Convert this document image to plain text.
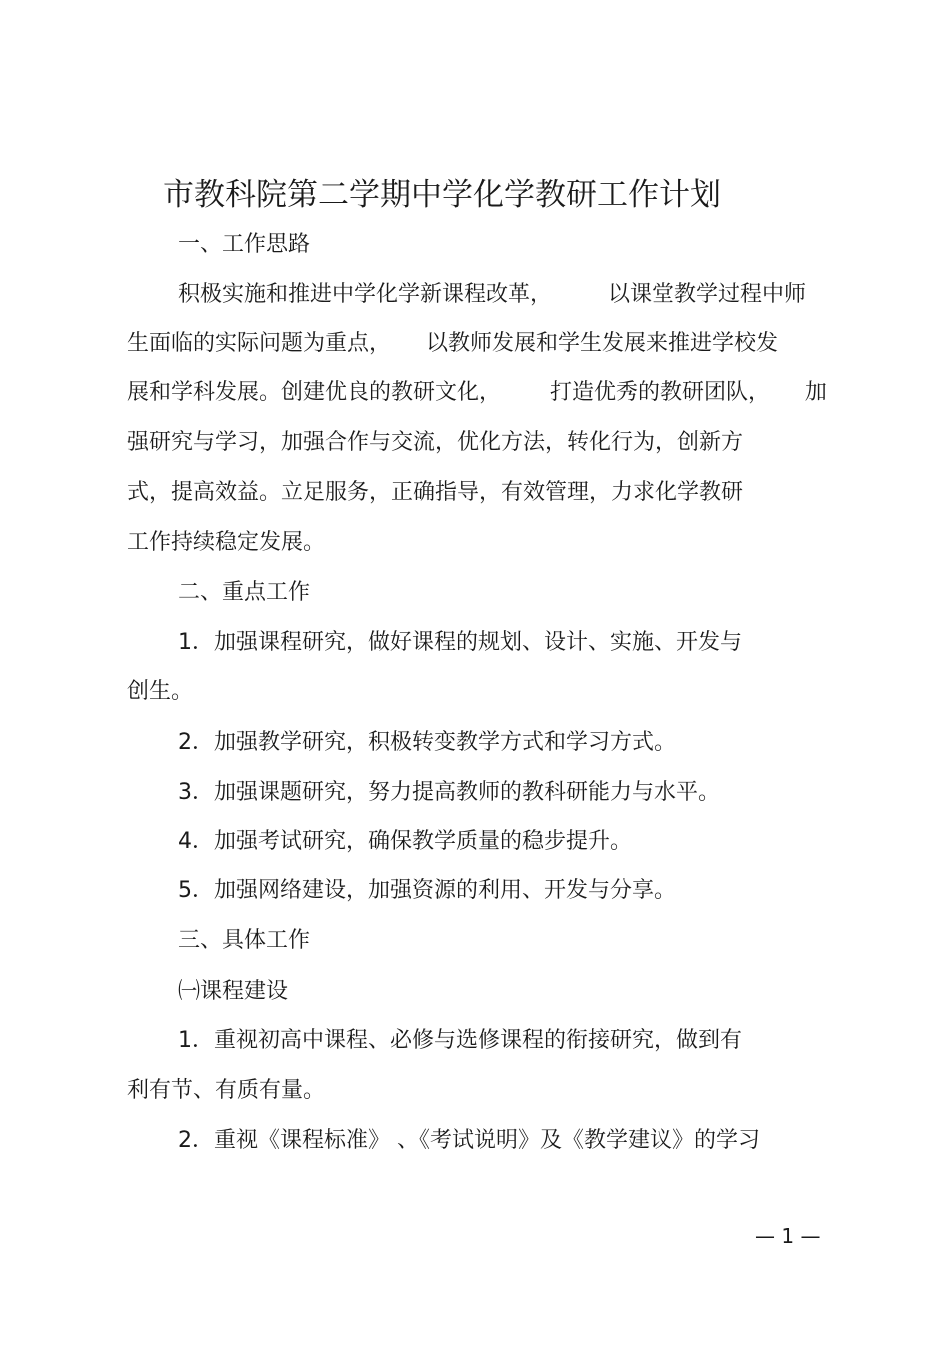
市教科院第二学期中学化学教研工作计划

一、工作思路

积极实施和推进中学化学新课程改革，        以课堂教学过程中师

生面临的实际问题为重点，     以教师发展和学生发展来推进学校发

展和学科发展。创建优良的教研文化，       打造优秀的教研团队，     加

强研究与学习，加强合作与交流，优化方法，转化行为，创新方

式，提高效益。立足服务，正确指导，有效管理，力求化学教研

工作持续稳定发展。

二、重点工作

1．加强课程研究，做好课程的规划、设计、实施、开发与

创生。

2．加强教学研究，积极转变教学方式和学习方式。

3．加强课题研究，努力提高教师的教科研能力与水平。

4．加强考试研究，确保教学质量的稳步提升。

5．加强网络建设，加强资源的利用、开发与分享。

三、具体工作

㈠课程建设

1．重视初高中课程、必修与选修课程的衔接研究，做到有

利有节、有质有量。

2．重视《课程标准》 、《考试说明》及《教学建议》的学习

— 1 —
